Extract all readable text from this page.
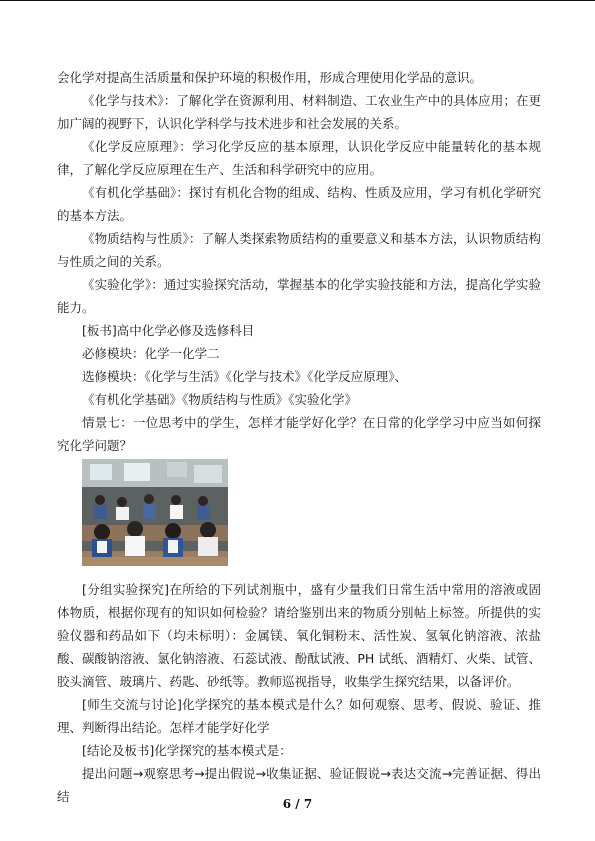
会化学对提高生活质量和保护环境的积极作用，形成合理使用化学品的意识。

《化学与技术》：了解化学在资源利用、材料制造、工农业生产中的具体应用；在更加广阔的视野下，认识化学科学与技术进步和社会发展的关系。

《化学反应原理》：学习化学反应的基本原理，认识化学反应中能量转化的基本规律，了解化学反应原理在生产、生活和科学研究中的应用。

《有机化学基础》：探讨有机化合物的组成、结构、性质及应用，学习有机化学研究的基本方法。

《物质结构与性质》：了解人类探索物质结构的重要意义和基本方法，认识物质结构与性质之间的关系。

《实验化学》：通过实验探究活动，掌握基本的化学实验技能和方法，提高化学实验能力。

[板书]高中化学必修及选修科目

必修模块：化学一化学二

选修模块：《化学与生活》《化学与技术》《化学反应原理》、

《有机化学基础》《物质结构与性质》《实验化学》

情景七：一位思考中的学生，怎样才能学好化学？在日常的化学学习中应当如何探究化学问题？

[分组实验探究]在所给的下列试剂瓶中，盛有少量我们日常生活中常用的溶液或固体物质，根据你现有的知识如何检验？请给鉴别出来的物质分别帖上标签。所提供的实验仪器和药品如下（均未标明）：金属镁、氧化铜粉末、活性炭、氢氧化钠溶液、浓盐酸、碳酸钠溶液、氯化钠溶液、石蕊试液、酚酞试液、PH 试纸、酒精灯、火柴、试管、胶头滴管、玻璃片、药匙、砂纸等。教师巡视指导，收集学生探究结果，以备评价。

[师生交流与讨论]化学探究的基本模式是什么？如何观察、思考、假说、验证、推理、判断得出结论。怎样才能学好化学

[结论及板书]化学探究的基本模式是：

提出问题→观察思考→提出假说→收集证据、验证假说→表达交流→完善证据、得出结	6 / 7
